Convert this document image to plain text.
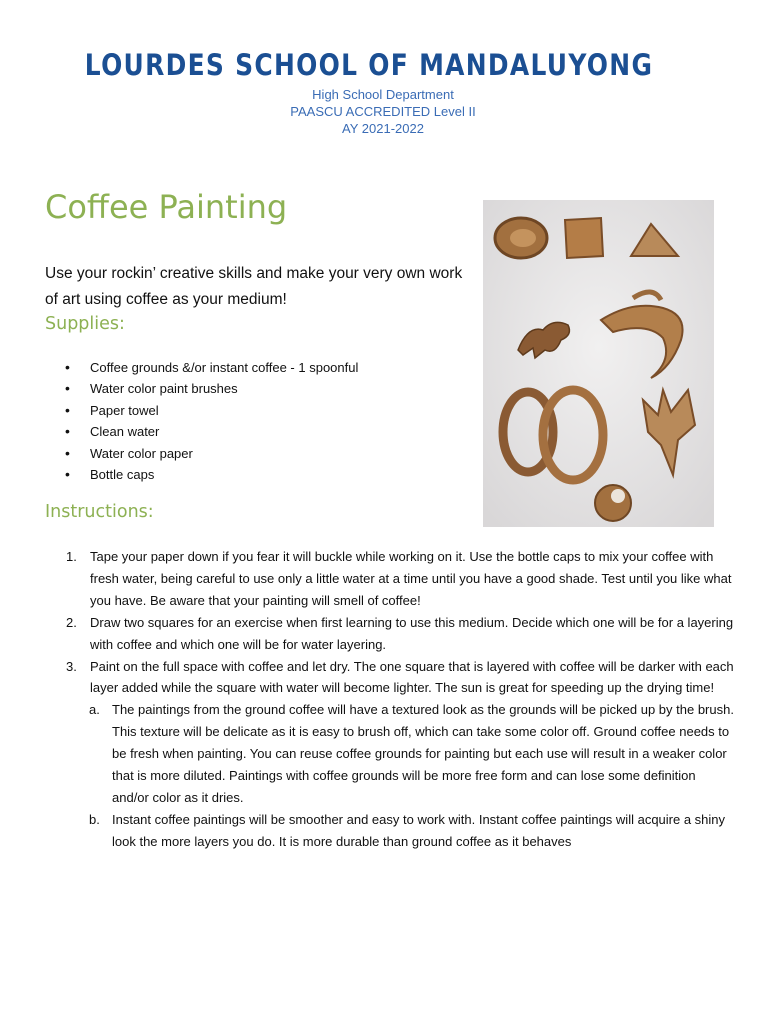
LOURDES SCHOOL OF MANDALUYONG
High School Department
PAASCU ACCREDITED Level II
AY 2021-2022
Coffee Painting
Use your rockin’ creative skills and make your very own work of art using coffee as your medium!
Supplies:
• Coffee grounds &/or instant coffee - 1 spoonful
• Water color paint brushes
• Paper towel
• Clean water
• Water color paper
• Bottle caps
Instructions:
1. Tape your paper down if you fear it will buckle while working on it. Use the bottle caps to mix your coffee with fresh water, being careful to use only a little water at a time until you have a good shade. Test until you like what you have. Be aware that your painting will smell of coffee!
2. Draw two squares for an exercise when first learning to use this medium. Decide which one will be for a layering with coffee and which one will be for water layering.
3. Paint on the full space with coffee and let dry. The one square that is layered with coffee will be darker with each layer added while the square with water will become lighter. The sun is great for speeding up the drying time!
a. The paintings from the ground coffee will have a textured look as the grounds will be picked up by the brush. This texture will be delicate as it is easy to brush off, which can take some color off. Ground coffee needs to be fresh when painting. You can reuse coffee grounds for painting but each use will result in a weaker color that is more diluted. Paintings with coffee grounds will be more free form and can lose some definition and/or color as it dries.
b. Instant coffee paintings will be smoother and easy to work with. Instant coffee paintings will acquire a shiny look the more layers you do. It is more durable than ground coffee as it behaves
